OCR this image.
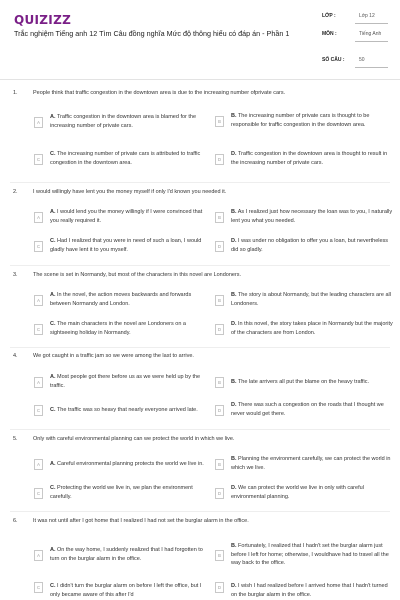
QUIZIZZ
Trắc nghiệm Tiếng anh 12 Tìm Câu đồng nghĩa Mức độ thông hiểu có đáp án - Phần 1
LỚP :	Lớp 12
MÔN :	Tiếng Anh
SỐ CÂU :	50
1.	People think that traffic congestion in the downtown area is due to the increasing number ofprivate cars.
A
A. Traffic congestion in the downtown area is blamed for the increasing number of private cars.
B
B. The increasing number of private cars is thought to be responsible for traffic congestion in the downtown area.
C
C. The increasing number of private cars is attributed to traffic congestion in the downtown area.
D
D. Traffic congestion in the downtown area is thought to result in the increasing number of private cars.
2.	I would willingly have lent you the money myself if only I'd known you needed it.
A
A. I would lend you the money willingly if I were convinced that you really required it.
B
B. As I realized just how necessary the loan was to you, I naturally lent you what you needed.
C
C. Had I realized that you were in need of such a loan, I would gladly have lent it to you myself.
D
D. I was under no obligation to offer you a loan, but nevertheless did so gladly.
3.	The scene is set in Normandy, but most of the characters in this novel are Londoners.
A
A. In the novel, the action moves backwards and forwards between Normandy and London.
B
B. The story is about Normandy, but the leading characters are all Londoners.
C
C. The main characters in the novel are Londoners on a sightseeing holiday in Normandy.
D
D. In this novel, the story takes place in Normandy but the majority of the characters are from London.
4.	We got caught in a traffic jam so we were among the last to arrive.
A
A. Most people got there before us as we were held up by the traffic.
B	B. The late arrivers all put the blame on the heavy traffic.
C	C. The traffic was so heavy that nearly everyone arrived late.	D
D. There was such a congestion on the roads that I thought we never would get there.
5.	Only with careful environmental planning can we protect the world in which we live.
A	A. Careful environmental planning protects the world we live in.	B
B. Planning the environment carefully, we can protect the world in which we live.
C
C. Protecting the world we live in, we plan the environment carefully.
D
D. We can protect the world we live in only with careful environmental planning.
6.	It was not until after I got home that I realized I had not set the burglar alarm in the office.
A
A. On the way home, I suddenly realized that I had forgotten to turn on the burglar alarm in the office.
B
B. Fortunately, I realized that I hadn't set the burglar alarm just before I left for home; otherwise, I wouldhave had to travel all the way back to the office.
C	C. I didn't turn the burglar alarm on before I left the office, but I only became aware of this after I'd
D	D. I wish I had realized before I arrived home that I hadn't turned on the burglar alarm in the office.
